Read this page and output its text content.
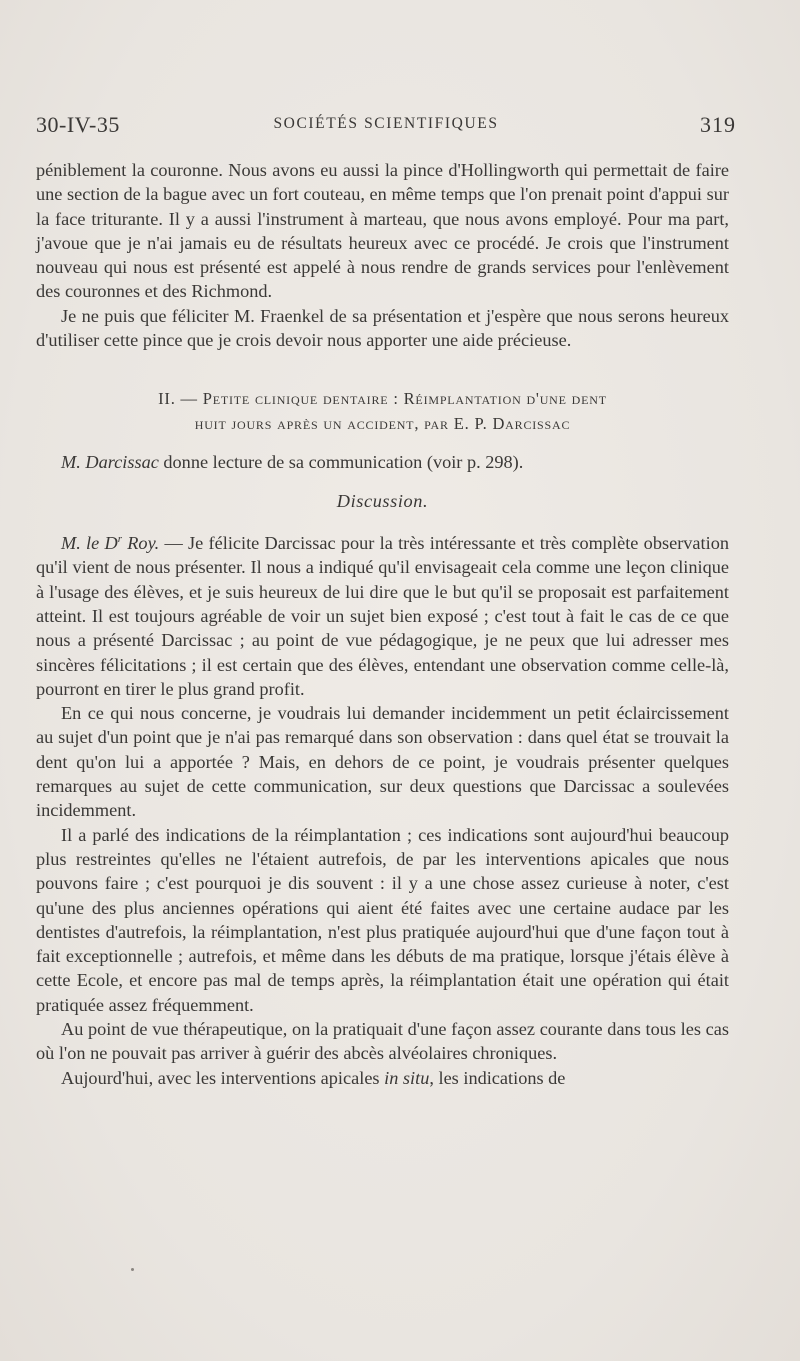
30-IV-35	SOCIÉTÉS SCIENTIFIQUES	319

péniblement la couronne. Nous avons eu aussi la pince d'Hollingworth qui permettait de faire une section de la bague avec un fort couteau, en même temps que l'on prenait point d'appui sur la face triturante. Il y a aussi l'instrument à marteau, que nous avons employé. Pour ma part, j'avoue que je n'ai jamais eu de résultats heureux avec ce procédé. Je crois que l'instrument nouveau qui nous est présenté est appelé à nous rendre de grands services pour l'enlèvement des couronnes et des Richmond.

Je ne puis que féliciter M. Fraenkel de sa présentation et j'espère que nous serons heureux d'utiliser cette pince que je crois devoir nous apporter une aide précieuse.

II. — Petite clinique dentaire : Réimplantation d'une dent
huit jours après un accident, par E. P. Darcissac

M. Darcissac donne lecture de sa communication (voir p. 298).

Discussion.

M. le $D^r$ Roy. — Je félicite Darcissac pour la très intéressante et très complète observation qu'il vient de nous présenter. Il nous a indiqué qu'il envisageait cela comme une leçon clinique à l'usage des élèves, et je suis heureux de lui dire que le but qu'il se proposait est parfaitement atteint. Il est toujours agréable de voir un sujet bien exposé ; c'est tout à fait le cas de ce que nous a présenté Darcissac ; au point de vue pédagogique, je ne peux que lui adresser mes sincères félicitations ; il est certain que des élèves, entendant une observation comme celle-là, pourront en tirer le plus grand profit.

En ce qui nous concerne, je voudrais lui demander incidemment un petit éclaircissement au sujet d'un point que je n'ai pas remarqué dans son observation : dans quel état se trouvait la dent qu'on lui a apportée ? Mais, en dehors de ce point, je voudrais présenter quelques remarques au sujet de cette communication, sur deux questions que Darcissac a soulevées incidemment.

Il a parlé des indications de la réimplantation ; ces indications sont aujourd'hui beaucoup plus restreintes qu'elles ne l'étaient autrefois, de par les interventions apicales que nous pouvons faire ; c'est pourquoi je dis souvent : il y a une chose assez curieuse à noter, c'est qu'une des plus anciennes opérations qui aient été faites avec une certaine audace par les dentistes d'autrefois, la réimplantation, n'est plus pratiquée aujourd'hui que d'une façon tout à fait exceptionnelle ; autrefois, et même dans les débuts de ma pratique, lorsque j'étais élève à cette Ecole, et encore pas mal de temps après, la réimplantation était une opération qui était pratiquée assez fréquemment.

Au point de vue thérapeutique, on la pratiquait d'une façon assez courante dans tous les cas où l'on ne pouvait pas arriver à guérir des abcès alvéolaires chroniques.

Aujourd'hui, avec les interventions apicales in situ, les indications de
